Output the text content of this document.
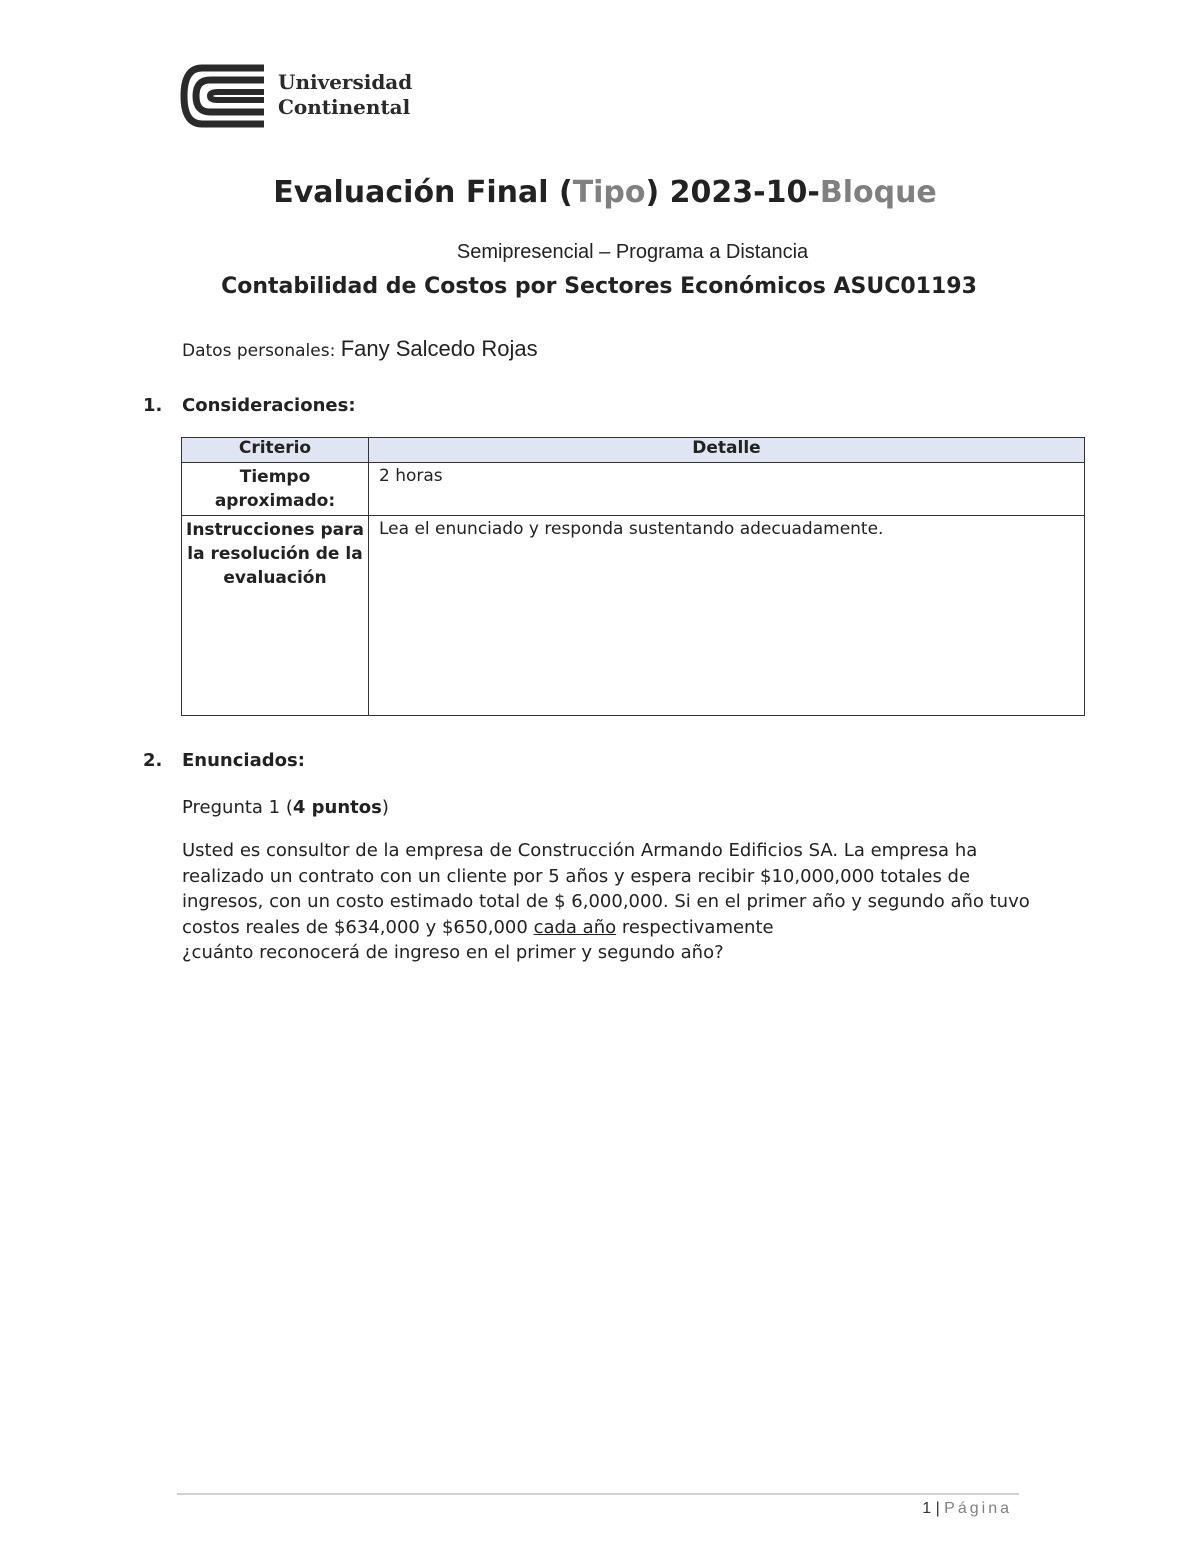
Universidad
Continental
Evaluación Final (Tipo) 2023-10-Bloque
Semipresencial – Programa a Distancia
Contabilidad de Costos por Sectores Económicos ASUC01193
Datos personales: Fany Salcedo Rojas
1. Consideraciones:
Criterio	Detalle
Tiempo aproximado:	2 horas
Instrucciones para la resolución de la evaluación	Lea el enunciado y responda sustentando adecuadamente.
2. Enunciados:
Pregunta 1 (4 puntos)
Usted es consultor de la empresa de Construcción Armando Edificios SA. La empresa ha realizado un contrato con un cliente por 5 años y espera recibir $10,000,000 totales de ingresos, con un costo estimado total de $ 6,000,000. Si en el primer año y segundo año tuvo costos reales de $634,000 y $650,000 cada año respectivamente
¿cuánto reconocerá de ingreso en el primer y segundo año?
1 | Página
